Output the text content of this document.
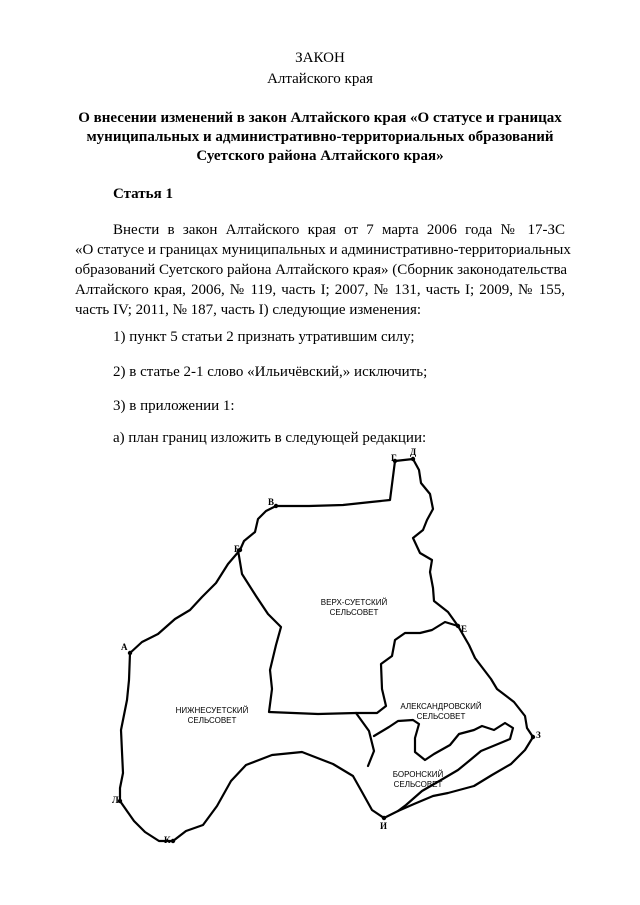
ЗАКОН
Алтайского края
О внесении изменений в закон Алтайского края «О статусе и границах
муниципальных и административно-территориальных образований
Суетского района Алтайского края»
Статья 1
Внести в закон Алтайского края от 7 марта 2006 года № 17-ЗС
«О статусе и границах муниципальных и административно-территориальных
образований Суетского района Алтайского края» (Сборник законодательства
Алтайского края, 2006, № 119, часть I; 2007, № 131, часть I; 2009, № 155,
часть IV; 2011, № 187, часть I) следующие изменения:
1) пункт 5 статьи 2 признать утратившим силу;
2) в статье 2-1 слово «Ильичёвский,» исключить;
3) в приложении 1:
а) план границ изложить в следующей редакции:
А
Б
В
Г
Д
Е
З
И
К
Л
ВЕРХ-СУЕТСКИЙ
СЕЛЬСОВЕТ
НИЖНЕСУЕТСКИЙ
СЕЛЬСОВЕТ
АЛЕКСАНДРОВСКИЙ
СЕЛЬСОВЕТ
БОРОНСКИЙ
СЕЛЬСОВЕТ
